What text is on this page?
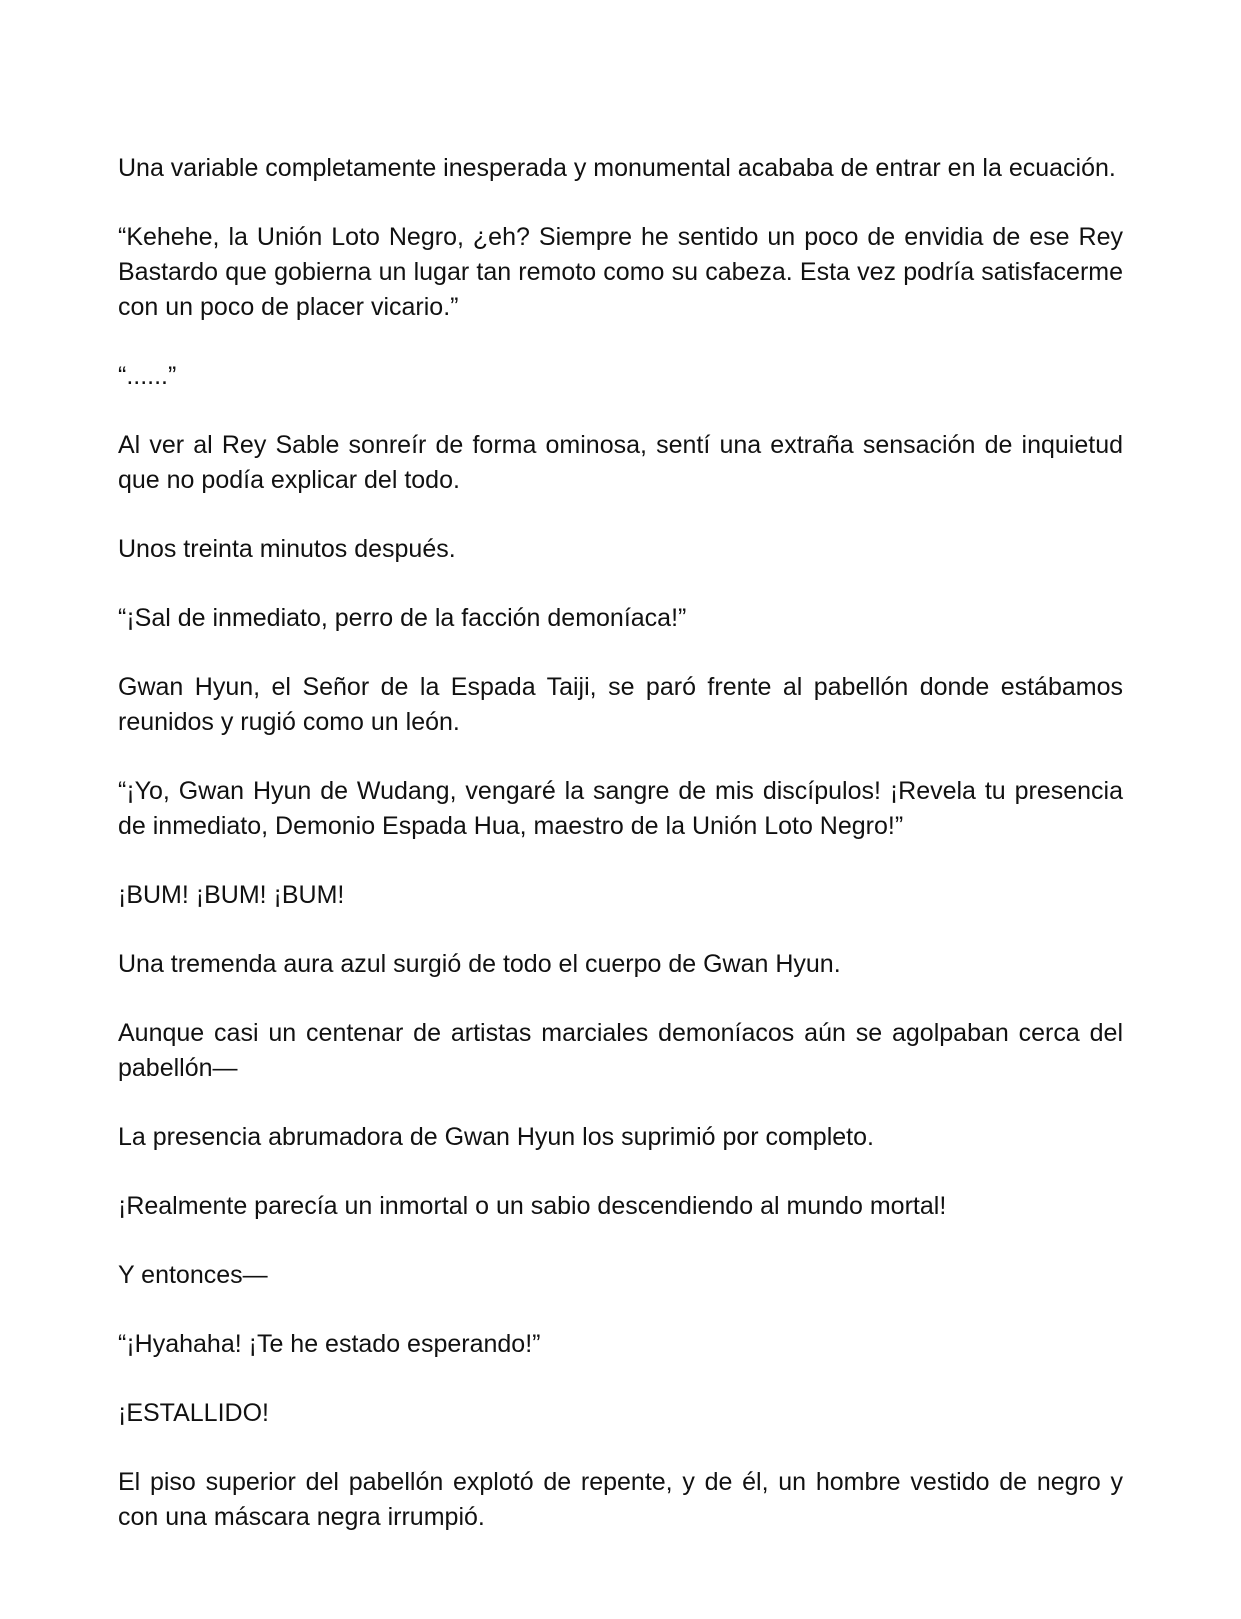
Una variable completamente inesperada y monumental acababa de entrar en la ecuación.

“Kehehe, la Unión Loto Negro, ¿eh? Siempre he sentido un poco de envidia de ese Rey Bastardo que gobierna un lugar tan remoto como su cabeza. Esta vez podría satisfacerme con un poco de placer vicario.”

“......”

Al ver al Rey Sable sonreír de forma ominosa, sentí una extraña sensación de inquietud que no podía explicar del todo.

Unos treinta minutos después.

“¡Sal de inmediato, perro de la facción demoníaca!”

Gwan Hyun, el Señor de la Espada Taiji, se paró frente al pabellón donde estábamos reunidos y rugió como un león.

“¡Yo, Gwan Hyun de Wudang, vengaré la sangre de mis discípulos! ¡Revela tu presencia de inmediato, Demonio Espada Hua, maestro de la Unión Loto Negro!”

¡BUM! ¡BUM! ¡BUM!

Una tremenda aura azul surgió de todo el cuerpo de Gwan Hyun.

Aunque casi un centenar de artistas marciales demoníacos aún se agolpaban cerca del pabellón—

La presencia abrumadora de Gwan Hyun los suprimió por completo.

¡Realmente parecía un inmortal o un sabio descendiendo al mundo mortal!

Y entonces—

“¡Hyahaha! ¡Te he estado esperando!”

¡ESTALLIDO!

El piso superior del pabellón explotó de repente, y de él, un hombre vestido de negro y con una máscara negra irrumpió.
